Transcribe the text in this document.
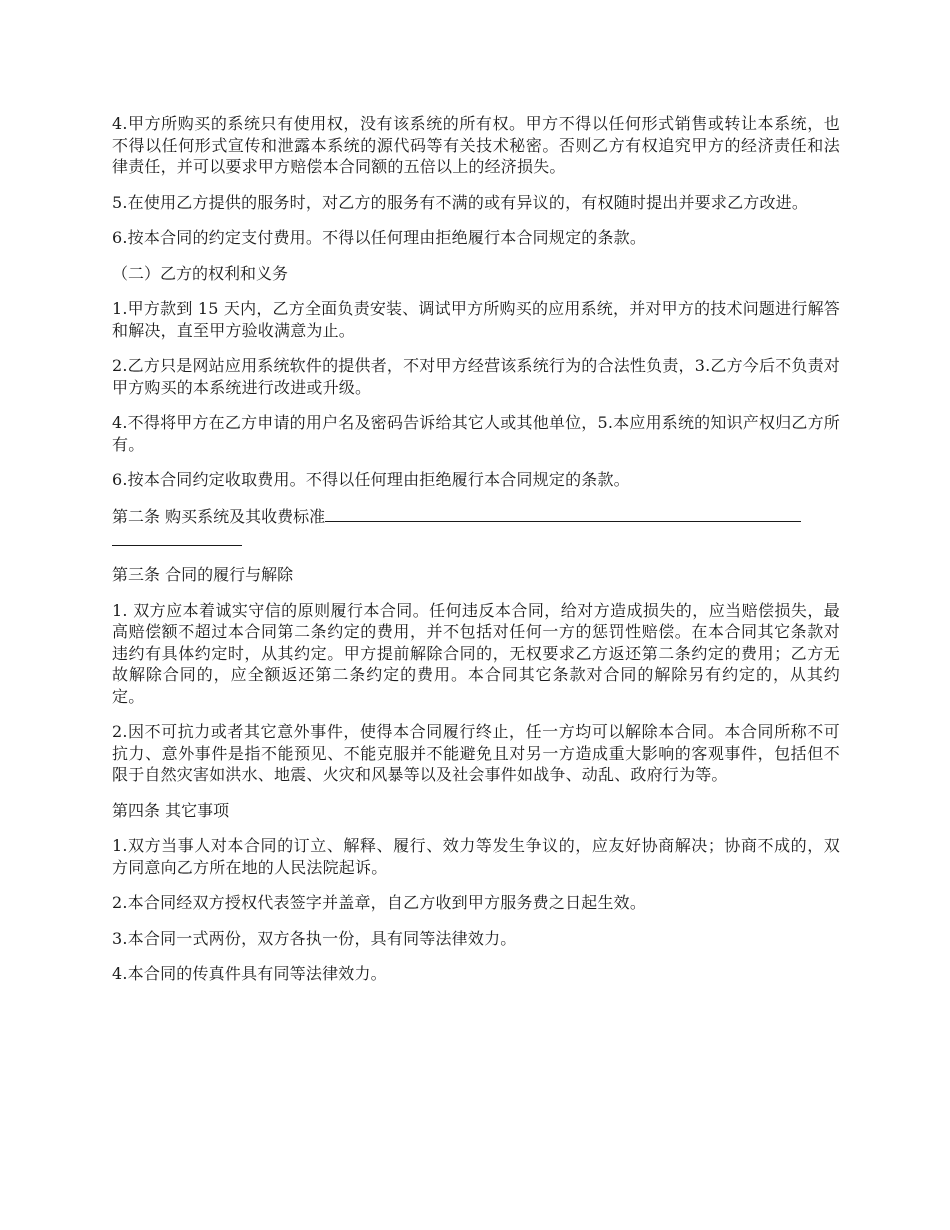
4.甲方所购买的系统只有使用权，没有该系统的所有权。甲方不得以任何形式销售或转让本系统，也不得以任何形式宣传和泄露本系统的源代码等有关技术秘密。否则乙方有权追究甲方的经济责任和法律责任，并可以要求甲方赔偿本合同额的五倍以上的经济损失。

5.在使用乙方提供的服务时，对乙方的服务有不满的或有异议的，有权随时提出并要求乙方改进。

6.按本合同的约定支付费用。不得以任何理由拒绝履行本合同规定的条款。

（二）乙方的权利和义务

1.甲方款到 15 天内，乙方全面负责安装、调试甲方所购买的应用系统，并对甲方的技术问题进行解答和解决，直至甲方验收满意为止。

2.乙方只是网站应用系统软件的提供者，不对甲方经营该系统行为的合法性负责，3.乙方今后不负责对甲方购买的本系统进行改进或升级。

4.不得将甲方在乙方申请的用户名及密码告诉给其它人或其他单位，5.本应用系统的知识产权归乙方所有。

6.按本合同约定收取费用。不得以任何理由拒绝履行本合同规定的条款。

第二条 购买系统及其收费标准

第三条 合同的履行与解除

1. 双方应本着诚实守信的原则履行本合同。任何违反本合同，给对方造成损失的，应当赔偿损失，最高赔偿额不超过本合同第二条约定的费用，并不包括对任何一方的惩罚性赔偿。在本合同其它条款对违约有具体约定时，从其约定。甲方提前解除合同的，无权要求乙方返还第二条约定的费用；乙方无故解除合同的，应全额返还第二条约定的费用。本合同其它条款对合同的解除另有约定的，从其约定。

2.因不可抗力或者其它意外事件，使得本合同履行终止，任一方均可以解除本合同。本合同所称不可抗力、意外事件是指不能预见、不能克服并不能避免且对另一方造成重大影响的客观事件，包括但不限于自然灾害如洪水、地震、火灾和风暴等以及社会事件如战争、动乱、政府行为等。

第四条 其它事项

1.双方当事人对本合同的订立、解释、履行、效力等发生争议的，应友好协商解决；协商不成的，双方同意向乙方所在地的人民法院起诉。

2.本合同经双方授权代表签字并盖章，自乙方收到甲方服务费之日起生效。

3.本合同一式两份，双方各执一份，具有同等法律效力。

4.本合同的传真件具有同等法律效力。
